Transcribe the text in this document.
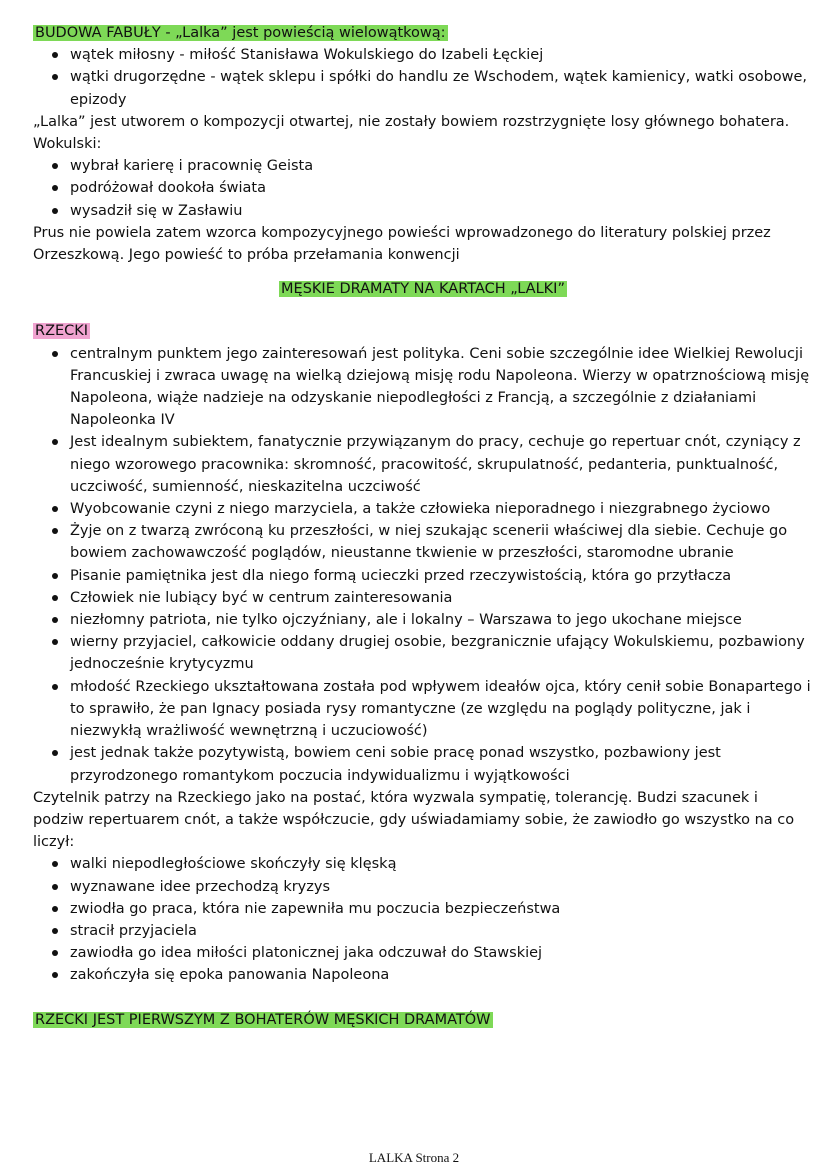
BUDOWA FABUŁY - „Lalka” jest powieścią wielowątkową:

wątek miłosny - miłość Stanisława Wokulskiego do Izabeli Łęckiej
wątki drugorzędne - wątek sklepu i spółki do handlu ze Wschodem, wątek kamienicy, watki osobowe, epizody

„Lalka” jest utworem o kompozycji otwartej, nie zostały bowiem rozstrzygnięte losy głównego bohatera. Wokulski:

wybrał karierę i pracownię Geista
podróżował dookoła świata
wysadził się w Zasławiu

Prus nie powiela zatem wzorca kompozycyjnego powieści wprowadzonego do literatury polskiej przez Orzeszkową. Jego powieść to próba przełamania konwencji

MĘSKIE DRAMATY NA KARTACH „LALKI”

RZECKI

centralnym punktem jego zainteresowań jest polityka. Ceni sobie szczególnie idee Wielkiej Rewolucji Francuskiej i zwraca uwagę na wielką dziejową misję rodu Napoleona. Wierzy w opatrznościową misję Napoleona, wiąże nadzieje na odzyskanie niepodległości z Francją, a szczególnie z działaniami Napoleonka IV
Jest idealnym subiektem, fanatycznie przywiązanym do pracy, cechuje go repertuar cnót, czyniący z niego wzorowego pracownika: skromność, pracowitość, skrupulatność, pedanteria, punktualność, uczciwość, sumienność, nieskazitelna uczciwość
Wyobcowanie czyni z niego marzyciela, a także człowieka nieporadnego i niezgrabnego życiowo
Żyje on z twarzą zwróconą ku przeszłości, w niej szukając scenerii właściwej dla siebie. Cechuje go bowiem zachowawczość poglądów, nieustanne tkwienie w przeszłości, staromodne ubranie
Pisanie pamiętnika jest dla niego formą ucieczki przed rzeczywistością, która go przytłacza
Człowiek nie lubiący być w centrum zainteresowania
niezłomny patriota, nie tylko ojczyźniany, ale i lokalny – Warszawa to jego ukochane miejsce
wierny przyjaciel, całkowicie oddany drugiej osobie, bezgranicznie ufający Wokulskiemu, pozbawiony jednocześnie krytycyzmu
młodość Rzeckiego ukształtowana została pod wpływem ideałów ojca, który cenił sobie Bonapartego i to sprawiło, że pan Ignacy posiada rysy romantyczne (ze względu na poglądy polityczne, jak i niezwykłą wrażliwość wewnętrzną i uczuciowość)
jest jednak także pozytywistą, bowiem ceni sobie pracę ponad wszystko, pozbawiony jest przyrodzonego romantykom poczucia indywidualizmu i wyjątkowości

Czytelnik patrzy na Rzeckiego jako na postać, która wyzwala sympatię, tolerancję. Budzi szacunek i podziw repertuarem cnót, a także współczucie, gdy uświadamiamy sobie, że zawiodło go wszystko na co liczył:

walki niepodległościowe skończyły się klęską
wyznawane idee przechodzą kryzys
zwiodła go praca, która nie zapewniła mu poczucia bezpieczeństwa
stracił przyjaciela
zawiodła go idea miłości platonicznej jaka odczuwał do Stawskiej
zakończyła się epoka panowania Napoleona

RZECKI JEST PIERWSZYM Z BOHATERÓW MĘSKICH DRAMATÓW

LALKA Strona 2
